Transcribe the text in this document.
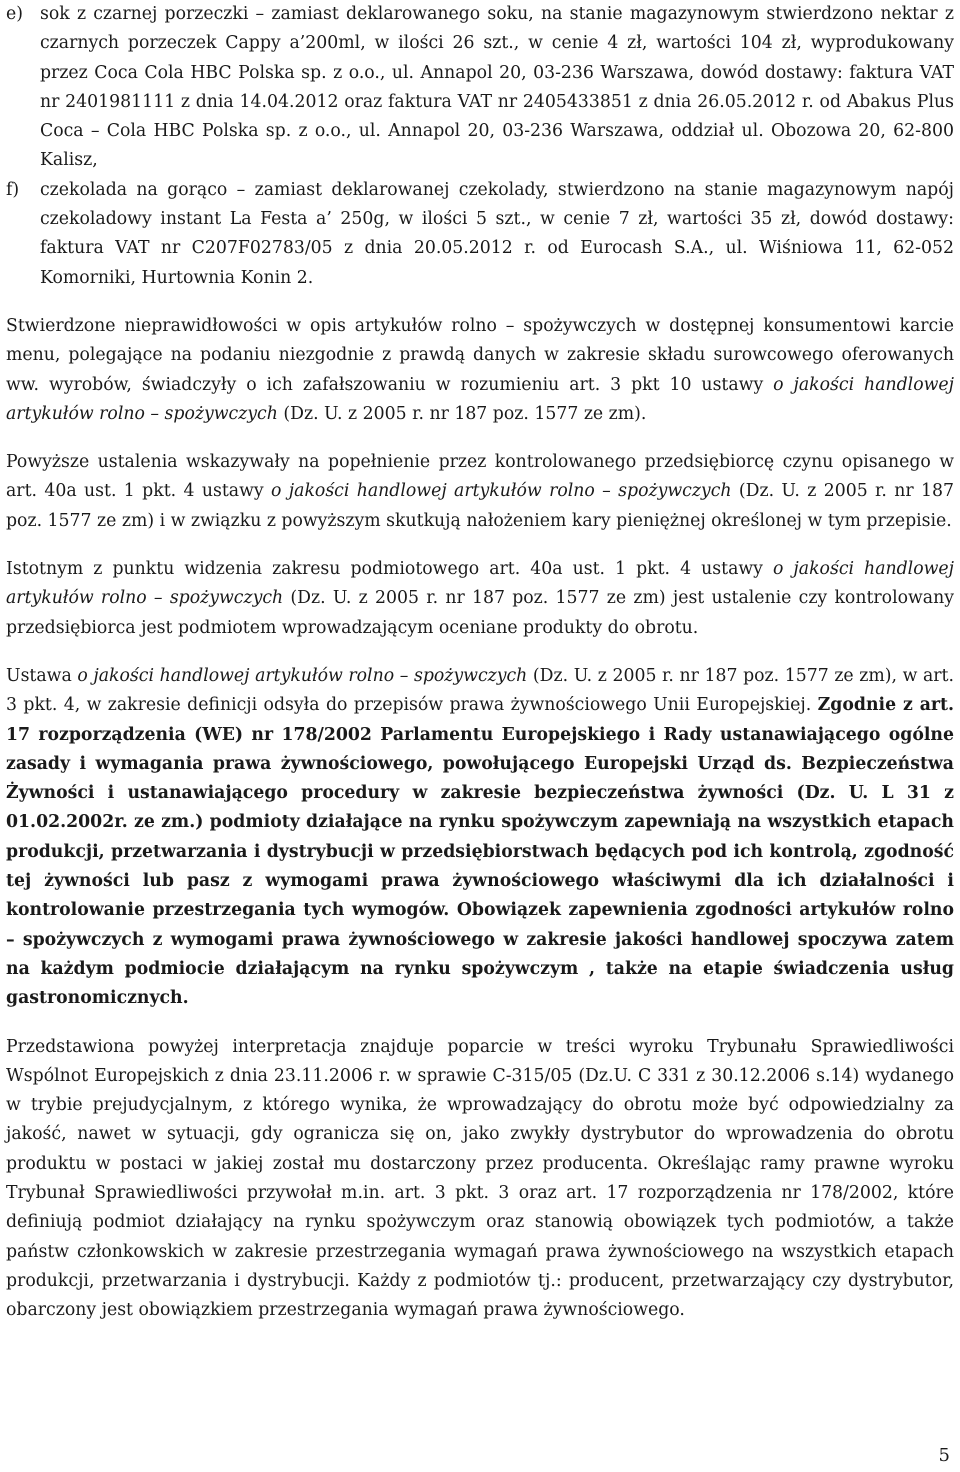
e) sok z czarnej porzeczki – zamiast deklarowanego soku, na stanie magazynowym stwierdzono nektar z czarnych porzeczek Cappy a’200ml, w ilości 26 szt., w cenie 4 zł, wartości 104 zł, wyprodukowany przez Coca Cola HBC Polska sp. z o.o., ul. Annapol 20, 03-236 Warszawa, dowód dostawy: faktura VAT nr 2401981111 z dnia 14.04.2012 oraz faktura VAT nr 2405433851 z dnia 26.05.2012 r. od Abakus Plus Coca – Cola HBC Polska sp. z o.o., ul. Annapol 20, 03-236 Warszawa, oddział ul. Obozowa 20, 62-800 Kalisz,
f) czekolada na gorąco – zamiast deklarowanej czekolady, stwierdzono na stanie magazynowym napój czekoladowy instant La Festa a’ 250g, w ilości 5 szt., w cenie 7 zł, wartości 35 zł, dowód dostawy: faktura VAT nr C207F02783/05 z dnia 20.05.2012 r. od Eurocash S.A., ul. Wiśniowa 11, 62-052 Komorniki, Hurtownia Konin 2.

Stwierdzone nieprawidłowości w opis artykułów rolno – spożywczych w dostępnej konsumentowi karcie menu, polegające na podaniu niezgodnie z prawdą danych w zakresie składu surowcowego oferowanych ww. wyrobów, świadczyły o ich zafałszowaniu w rozumieniu art. 3 pkt 10 ustawy o jakości handlowej artykułów rolno – spożywczych (Dz. U. z 2005 r. nr 187 poz. 1577 ze zm).

Powyższe ustalenia wskazywały na popełnienie przez kontrolowanego przedsiębiorcę czynu opisanego w art. 40a ust. 1 pkt. 4 ustawy o jakości handlowej artykułów rolno – spożywczych (Dz. U. z 2005 r. nr 187 poz. 1577 ze zm) i w związku z powyższym skutkują nałożeniem kary pieniężnej określonej w tym przepisie.

Istotnym z punktu widzenia zakresu podmiotowego art. 40a ust. 1 pkt. 4 ustawy o jakości handlowej artykułów rolno – spożywczych (Dz. U. z 2005 r. nr 187 poz. 1577 ze zm) jest ustalenie czy kontrolowany przedsiębiorca jest podmiotem wprowadzającym oceniane produkty do obrotu.

Ustawa o jakości handlowej artykułów rolno – spożywczych (Dz. U. z 2005 r. nr 187 poz. 1577 ze zm), w art. 3 pkt. 4, w zakresie definicji odsyła do przepisów prawa żywnościowego Unii Europejskiej. Zgodnie z art. 17 rozporządzenia (WE) nr 178/2002 Parlamentu Europejskiego i Rady ustanawiającego ogólne zasady i wymagania prawa żywnościowego, powołującego Europejski Urząd ds. Bezpieczeństwa Żywności i ustanawiającego procedury w zakresie bezpieczeństwa żywności (Dz. U. L 31 z 01.02.2002r. ze zm.) podmioty działające na rynku spożywczym zapewniają na wszystkich etapach produkcji, przetwarzania i dystrybucji w przedsiębiorstwach będących pod ich kontrolą, zgodność tej żywności lub pasz z wymogami prawa żywnościowego właściwymi dla ich działalności i kontrolowanie przestrzegania tych wymogów. Obowiązek zapewnienia zgodności artykułów rolno – spożywczych z wymogami prawa żywnościowego w zakresie jakości handlowej spoczywa zatem na każdym podmiocie działającym na rynku spożywczym , także na etapie świadczenia usług gastronomicznych.

Przedstawiona powyżej interpretacja znajduje poparcie w treści wyroku Trybunału Sprawiedliwości Wspólnot Europejskich z dnia 23.11.2006 r. w sprawie C-315/05 (Dz.U. C 331 z 30.12.2006 s.14) wydanego w trybie prejudycjalnym, z którego wynika, że wprowadzający do obrotu może być odpowiedzialny za jakość, nawet w sytuacji, gdy ogranicza się on, jako zwykły dystrybutor do wprowadzenia do obrotu produktu w postaci w jakiej został mu dostarczony przez producenta. Określając ramy prawne wyroku Trybunał Sprawiedliwości przywołał m.in. art. 3 pkt. 3 oraz art. 17 rozporządzenia nr 178/2002, które definiują podmiot działający na rynku spożywczym oraz stanowią obowiązek tych podmiotów, a także państw członkowskich w zakresie przestrzegania wymagań prawa żywnościowego na wszystkich etapach produkcji, przetwarzania i dystrybucji. Każdy z podmiotów tj.: producent, przetwarzający czy dystrybutor, obarczony jest obowiązkiem przestrzegania wymagań prawa żywnościowego.

5
